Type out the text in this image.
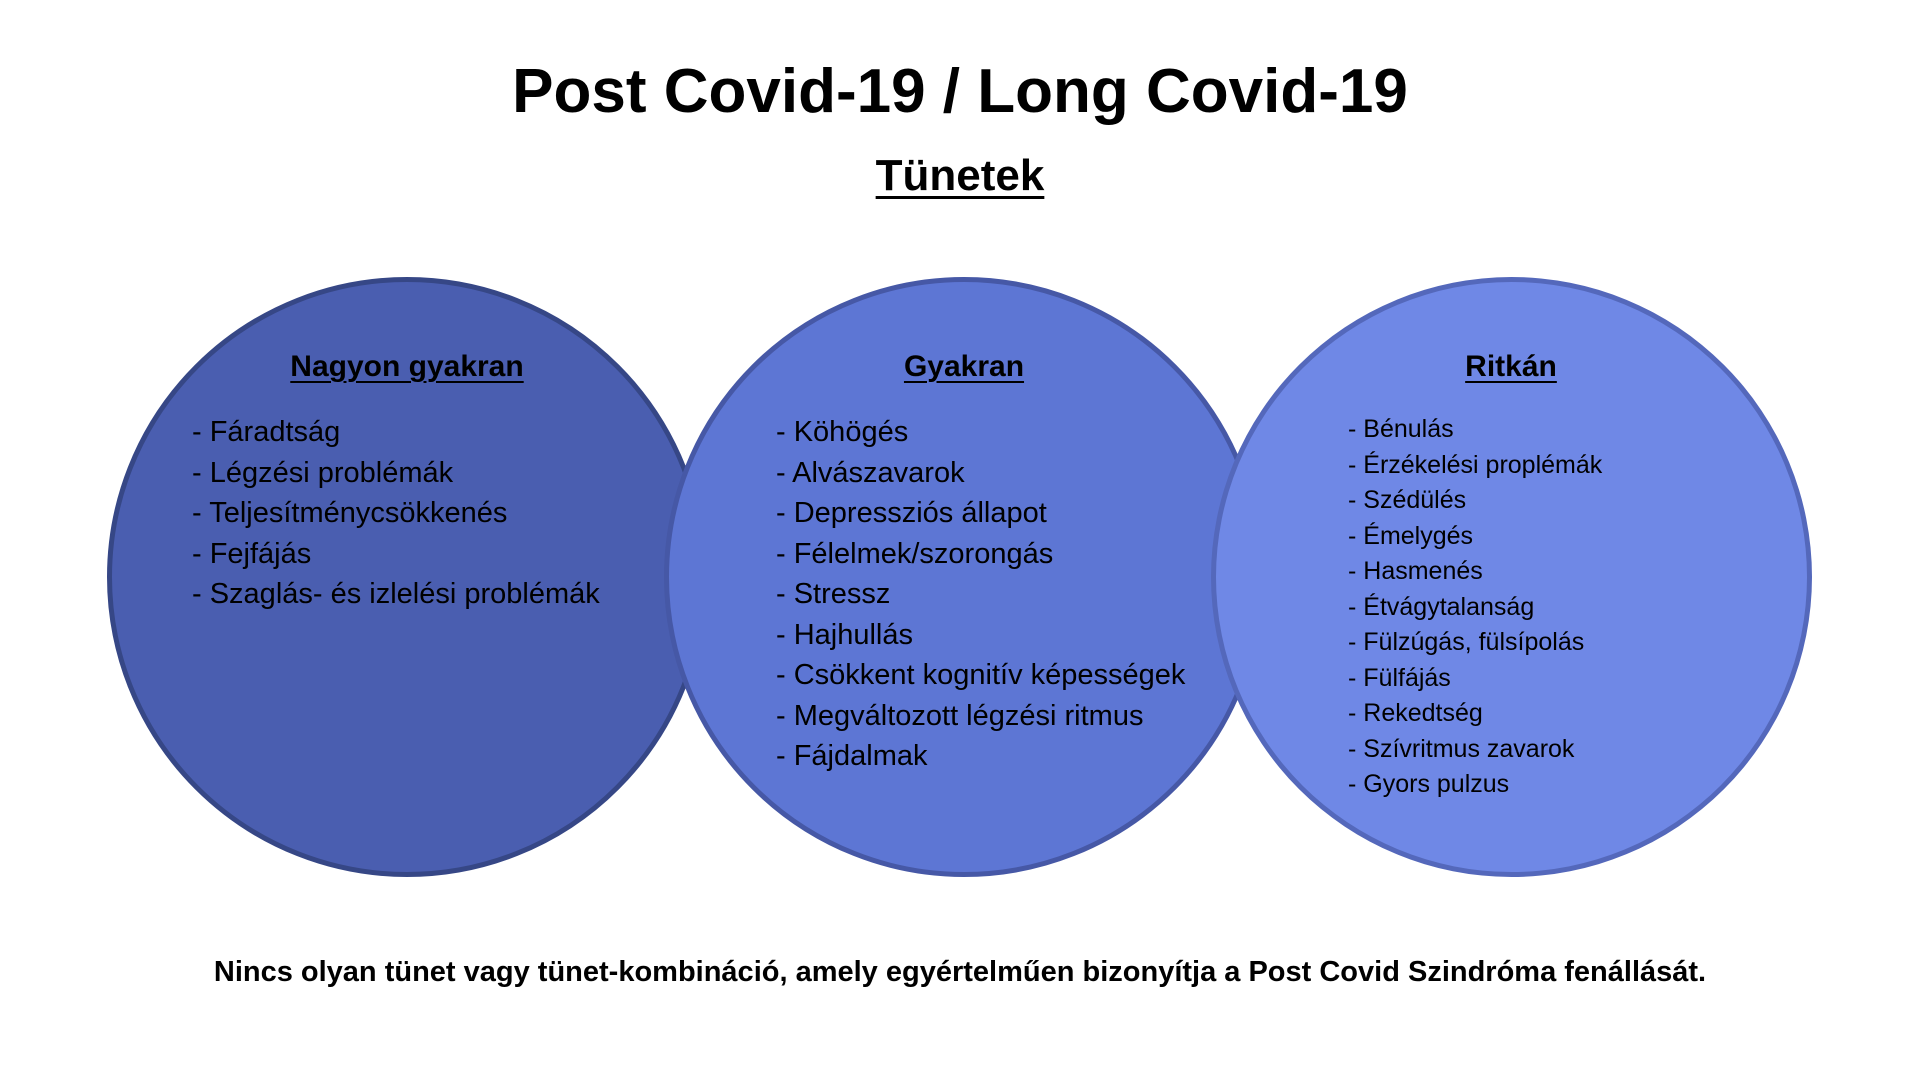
Post Covid-19 / Long Covid-19
Tünetek
Nagyon gyakran
- Fáradtság
- Légzési problémák
- Teljesítménycsökkenés
- Fejfájás
- Szaglás- és izlelési problémák
Gyakran
- Köhögés
- Alvászavarok
- Depressziós állapot
- Félelmek/szorongás
- Stressz
- Hajhullás
- Csökkent kognitív képességek
- Megváltozott légzési ritmus
- Fájdalmak
Ritkán
- Bénulás
- Érzékelési proplémák
- Szédülés
- Émelygés
- Hasmenés
- Étvágytalanság
- Fülzúgás, fülsípolás
- Fülfájás
- Rekedtség
- Szívritmus zavarok
- Gyors pulzus
Nincs olyan tünet vagy tünet-kombináció, amely egyértelműen bizonyítja a Post Covid Szindróma fenállását.
